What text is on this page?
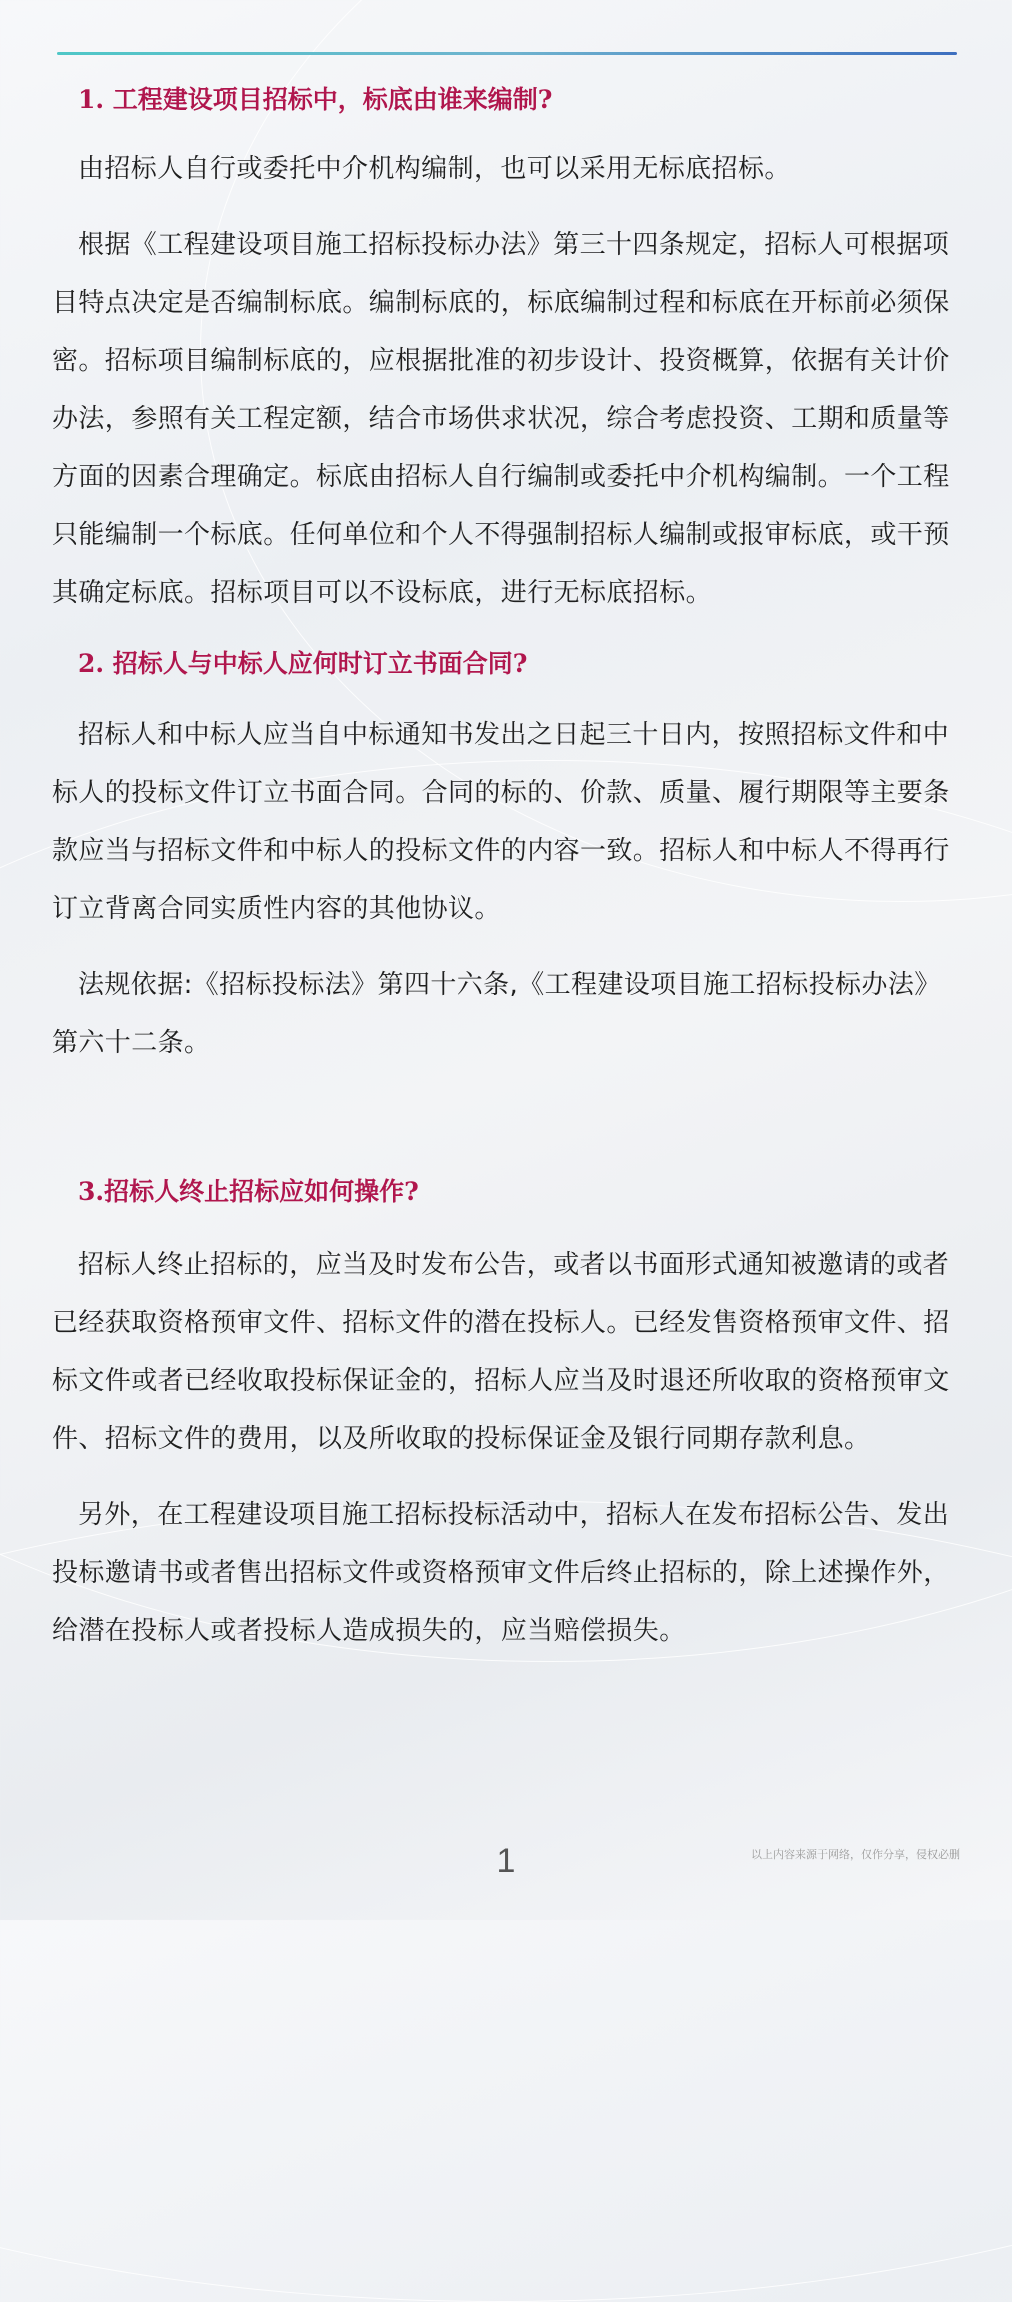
1. 工程建设项目招标中，标底由谁来编制?

由招标人自行或委托中介机构编制，也可以采用无标底招标。

根据《工程建设项目施工招标投标办法》第三十四条规定，招标人可根据项目特点决定是否编制标底。编制标底的，标底编制过程和标底在开标前必须保密。招标项目编制标底的，应根据批准的初步设计、投资概算，依据有关计价办法，参照有关工程定额，结合市场供求状况，综合考虑投资、工期和质量等方面的因素合理确定。标底由招标人自行编制或委托中介机构编制。一个工程只能编制一个标底。任何单位和个人不得强制招标人编制或报审标底，或干预其确定标底。招标项目可以不设标底，进行无标底招标。

2. 招标人与中标人应何时订立书面合同?

招标人和中标人应当自中标通知书发出之日起三十日内，按照招标文件和中标人的投标文件订立书面合同。合同的标的、价款、质量、履行期限等主要条款应当与招标文件和中标人的投标文件的内容一致。招标人和中标人不得再行订立背离合同实质性内容的其他协议。

法规依据:《招标投标法》第四十六条,《工程建设项目施工招标投标办法》第六十二条。

3.招标人终止招标应如何操作?

招标人终止招标的，应当及时发布公告，或者以书面形式通知被邀请的或者已经获取资格预审文件、招标文件的潜在投标人。已经发售资格预审文件、招标文件或者已经收取投标保证金的，招标人应当及时退还所收取的资格预审文件、招标文件的费用，以及所收取的投标保证金及银行同期存款利息。

另外，在工程建设项目施工招标投标活动中，招标人在发布招标公告、发出投标邀请书或者售出招标文件或资格预审文件后终止招标的，除上述操作外，给潜在投标人或者投标人造成损失的，应当赔偿损失。

1	以上内容来源于网络，仅作分享，侵权必删
